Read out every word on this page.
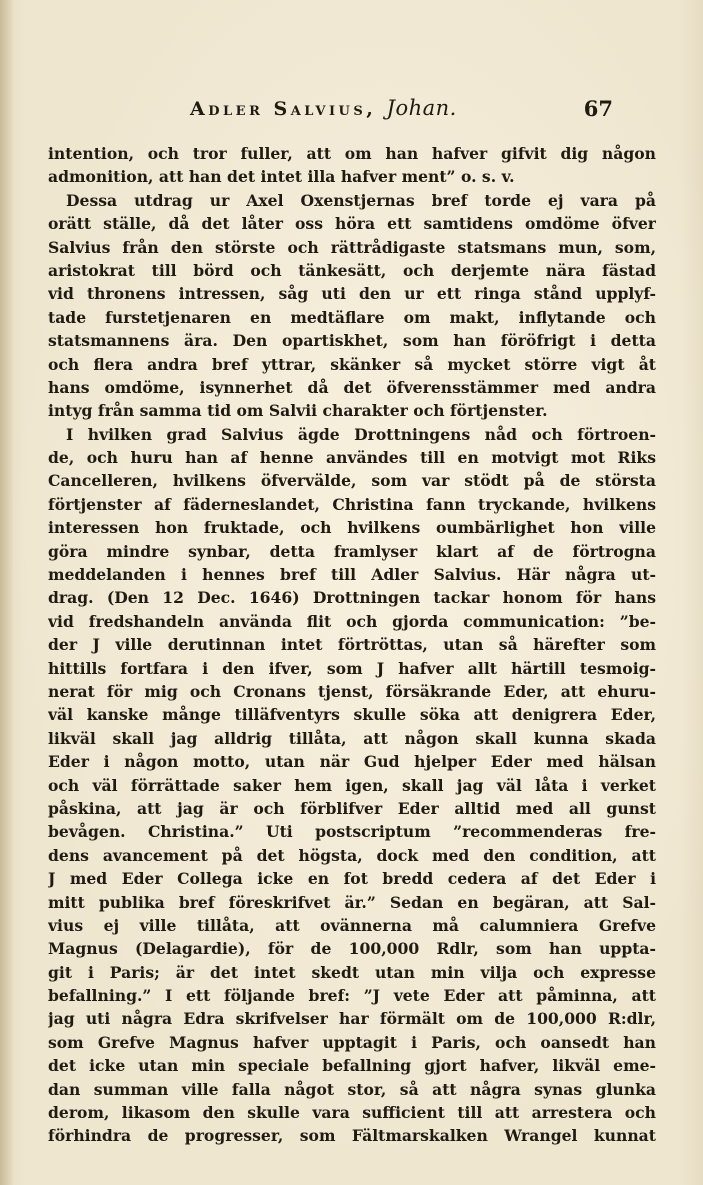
Adler Salvius, Johan.	67
intention, och tror fuller, att om han hafver gifvit dig någon
admonition, att han det intet illa hafver ment” o. s. v.
Dessa utdrag ur Axel Oxenstjernas bref torde ej vara på
orätt ställe, då det låter oss höra ett samtidens omdöme öfver
Salvius från den störste och rättrådigaste statsmans mun, som,
aristokrat till börd och tänkesätt, och derjemte nära fästad
vid thronens intressen, såg uti den ur ett ringa stånd upplyf-
tade furstetjenaren en medtäflare om makt, inflytande och
statsmannens ära. Den opartiskhet, som han föröfrigt i detta
och flera andra bref yttrar, skänker så mycket större vigt åt
hans omdöme, isynnerhet då det öfverensstämmer med andra
intyg från samma tid om Salvii charakter och förtjenster.
I hvilken grad Salvius ägde Drottningens nåd och förtroen-
de, och huru han af henne användes till en motvigt mot Riks
Cancelleren, hvilkens öfvervälde, som var stödt på de största
förtjenster af fäderneslandet, Christina fann tryckande, hvilkens
interessen hon fruktade, och hvilkens oumbärlighet hon ville
göra mindre synbar, detta framlyser klart af de förtrogna
meddelanden i hennes bref till Adler Salvius. Här några ut-
drag. (Den 12 Dec. 1646) Drottningen tackar honom för hans
vid fredshandeln använda flit och gjorda communication: ”be-
der J ville derutinnan intet förtröttas, utan så härefter som
hittills fortfara i den ifver, som J hafver allt härtill tesmoig-
nerat för mig och Cronans tjenst, försäkrande Eder, att ehuru-
väl kanske månge tilläfventyrs skulle söka att denigrera Eder,
likväl skall jag alldrig tillåta, att någon skall kunna skada
Eder i någon motto, utan när Gud hjelper Eder med hälsan
och väl förrättade saker hem igen, skall jag väl låta i verket
påskina, att jag är och förblifver Eder alltid med all gunst
bevågen. Christina.” Uti postscriptum ”recommenderas fre-
dens avancement på det högsta, dock med den condition, att
J med Eder Collega icke en fot bredd cedera af det Eder i
mitt publika bref föreskrifvet är.” Sedan en begäran, att Sal-
vius ej ville tillåta, att ovännerna må calumniera Grefve
Magnus (Delagardie), för de 100,000 Rdlr, som han uppta-
git i Paris; är det intet skedt utan min vilja och expresse
befallning.” I ett följande bref: ”J vete Eder att påminna, att
jag uti några Edra skrifvelser har förmält om de 100,000 R:dlr,
som Grefve Magnus hafver upptagit i Paris, och oansedt han
det icke utan min speciale befallning gjort hafver, likväl eme-
dan summan ville falla något stor, så att några synas glunka
derom, likasom den skulle vara sufficient till att arrestera och
förhindra de progresser, som Fältmarskalken Wrangel kunnat
